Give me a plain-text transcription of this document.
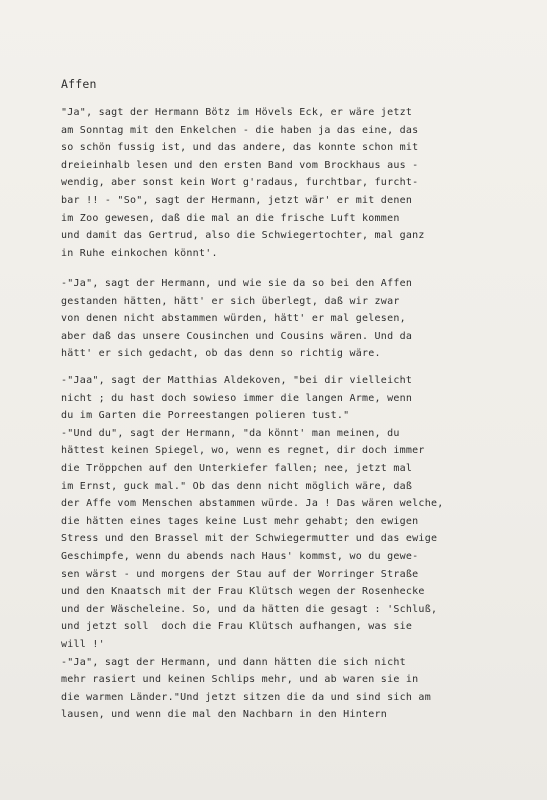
Affen
"Ja", sagt der Hermann Bötz im Hövels Eck, er wäre jetzt
am Sonntag mit den Enkelchen - die haben ja das eine, das
so schön fussig ist, und das andere, das konnte schon mit
dreieinhalb lesen und den ersten Band vom Brockhaus aus -
wendig, aber sonst kein Wort g'radaus, furchtbar, furcht-
bar !! - "So", sagt der Hermann, jetzt wär' er mit denen
im Zoo gewesen, daß die mal an die frische Luft kommen
und damit das Gertrud, also die Schwiegertochter, mal ganz
in Ruhe einkochen könnt'.
-"Ja", sagt der Hermann, und wie sie da so bei den Affen
gestanden hätten, hätt' er sich überlegt, daß wir zwar
von denen nicht abstammen würden, hätt' er mal gelesen,
aber daß das unsere Cousinchen und Cousins wären. Und da
hätt' er sich gedacht, ob das denn so richtig wäre.
-"Jaa", sagt der Matthias Aldekoven, "bei dir vielleicht
nicht ; du hast doch sowieso immer die langen Arme, wenn
du im Garten die Porreestangen polieren tust."
-"Und du", sagt der Hermann, "da könnt' man meinen, du
hättest keinen Spiegel, wo, wenn es regnet, dir doch immer
die Tröppchen auf den Unterkiefer fallen; nee, jetzt mal
im Ernst, guck mal." Ob das denn nicht möglich wäre, daß
der Affe vom Menschen abstammen würde. Ja ! Das wären welche,
die hätten eines tages keine Lust mehr gehabt; den ewigen
Stress und den Brassel mit der Schwiegermutter und das ewige
Geschimpfe, wenn du abends nach Haus' kommst, wo du gewe-
sen wärst - und morgens der Stau auf der Worringer Straße
und den Knaatsch mit der Frau Klütsch wegen der Rosenhecke
und der Wäscheleine. So, und da hätten die gesagt : 'Schluß,
und jetzt soll  doch die Frau Klütsch aufhangen, was sie
will !'
-"Ja", sagt der Hermann, und dann hätten die sich nicht
mehr rasiert und keinen Schlips mehr, und ab waren sie in
die warmen Länder."Und jetzt sitzen die da und sind sich am
lausen, und wenn die mal den Nachbarn in den Hintern
